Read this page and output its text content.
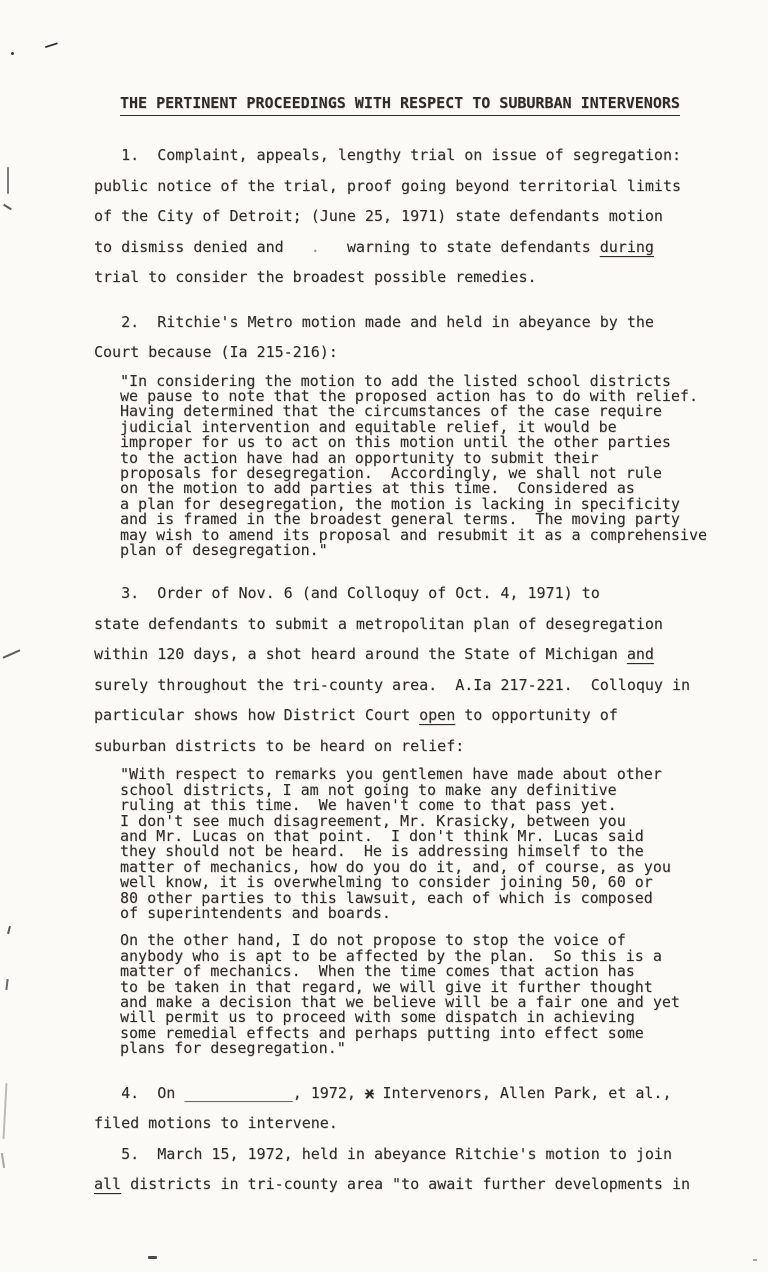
THE PERTINENT PROCEEDINGS WITH RESPECT TO SUBURBAN INTERVENORS
1.  Complaint, appeals, lengthy trial on issue of segregation:
public notice of the trial, proof going beyond territorial limits
of the City of Detroit; (June 25, 1971) state defendants motion
to dismiss denied and   .   warning to state defendants during
trial to consider the broadest possible remedies.
2.  Ritchie's Metro motion made and held in abeyance by the
Court because (Ia 215-216):
"In considering the motion to add the listed school districts
we pause to note that the proposed action has to do with relief.
Having determined that the circumstances of the case require
judicial intervention and equitable relief, it would be
improper for us to act on this motion until the other parties
to the action have had an opportunity to submit their
proposals for desegregation.  Accordingly, we shall not rule
on the motion to add parties at this time.  Considered as
a plan for desegregation, the motion is lacking in specificity
and is framed in the broadest general terms.  The moving party
may wish to amend its proposal and resubmit it as a comprehensive
plan of desegregation."
3.  Order of Nov. 6 (and Colloquy of Oct. 4, 1971) to
state defendants to submit a metropolitan plan of desegregation
within 120 days, a shot heard around the State of Michigan and
surely throughout the tri-county area.  A.Ia 217-221.  Colloquy in
particular shows how District Court open to opportunity of
suburban districts to be heard on relief:
"With respect to remarks you gentlemen have made about other
school districts, I am not going to make any definitive
ruling at this time.  We haven't come to that pass yet.
I don't see much disagreement, Mr. Krasicky, between you
and Mr. Lucas on that point.  I don't think Mr. Lucas said
they should not be heard.  He is addressing himself to the
matter of mechanics, how do you do it, and, of course, as you
well know, it is overwhelming to consider joining 50, 60 or
80 other parties to this lawsuit, each of which is composed
of superintendents and boards.
On the other hand, I do not propose to stop the voice of
anybody who is apt to be affected by the plan.  So this is a
matter of mechanics.  When the time comes that action has
to be taken in that regard, we will give it further thought
and make a decision that we believe will be a fair one and yet
will permit us to proceed with some dispatch in achieving
some remedial effects and perhaps putting into effect some
plans for desegregation."
4.  On ____________, 1972, x Intervenors, Allen Park, et al.,
filed motions to intervene.
5.  March 15, 1972, held in abeyance Ritchie's motion to join
all districts in tri-county area "to await further developments in
